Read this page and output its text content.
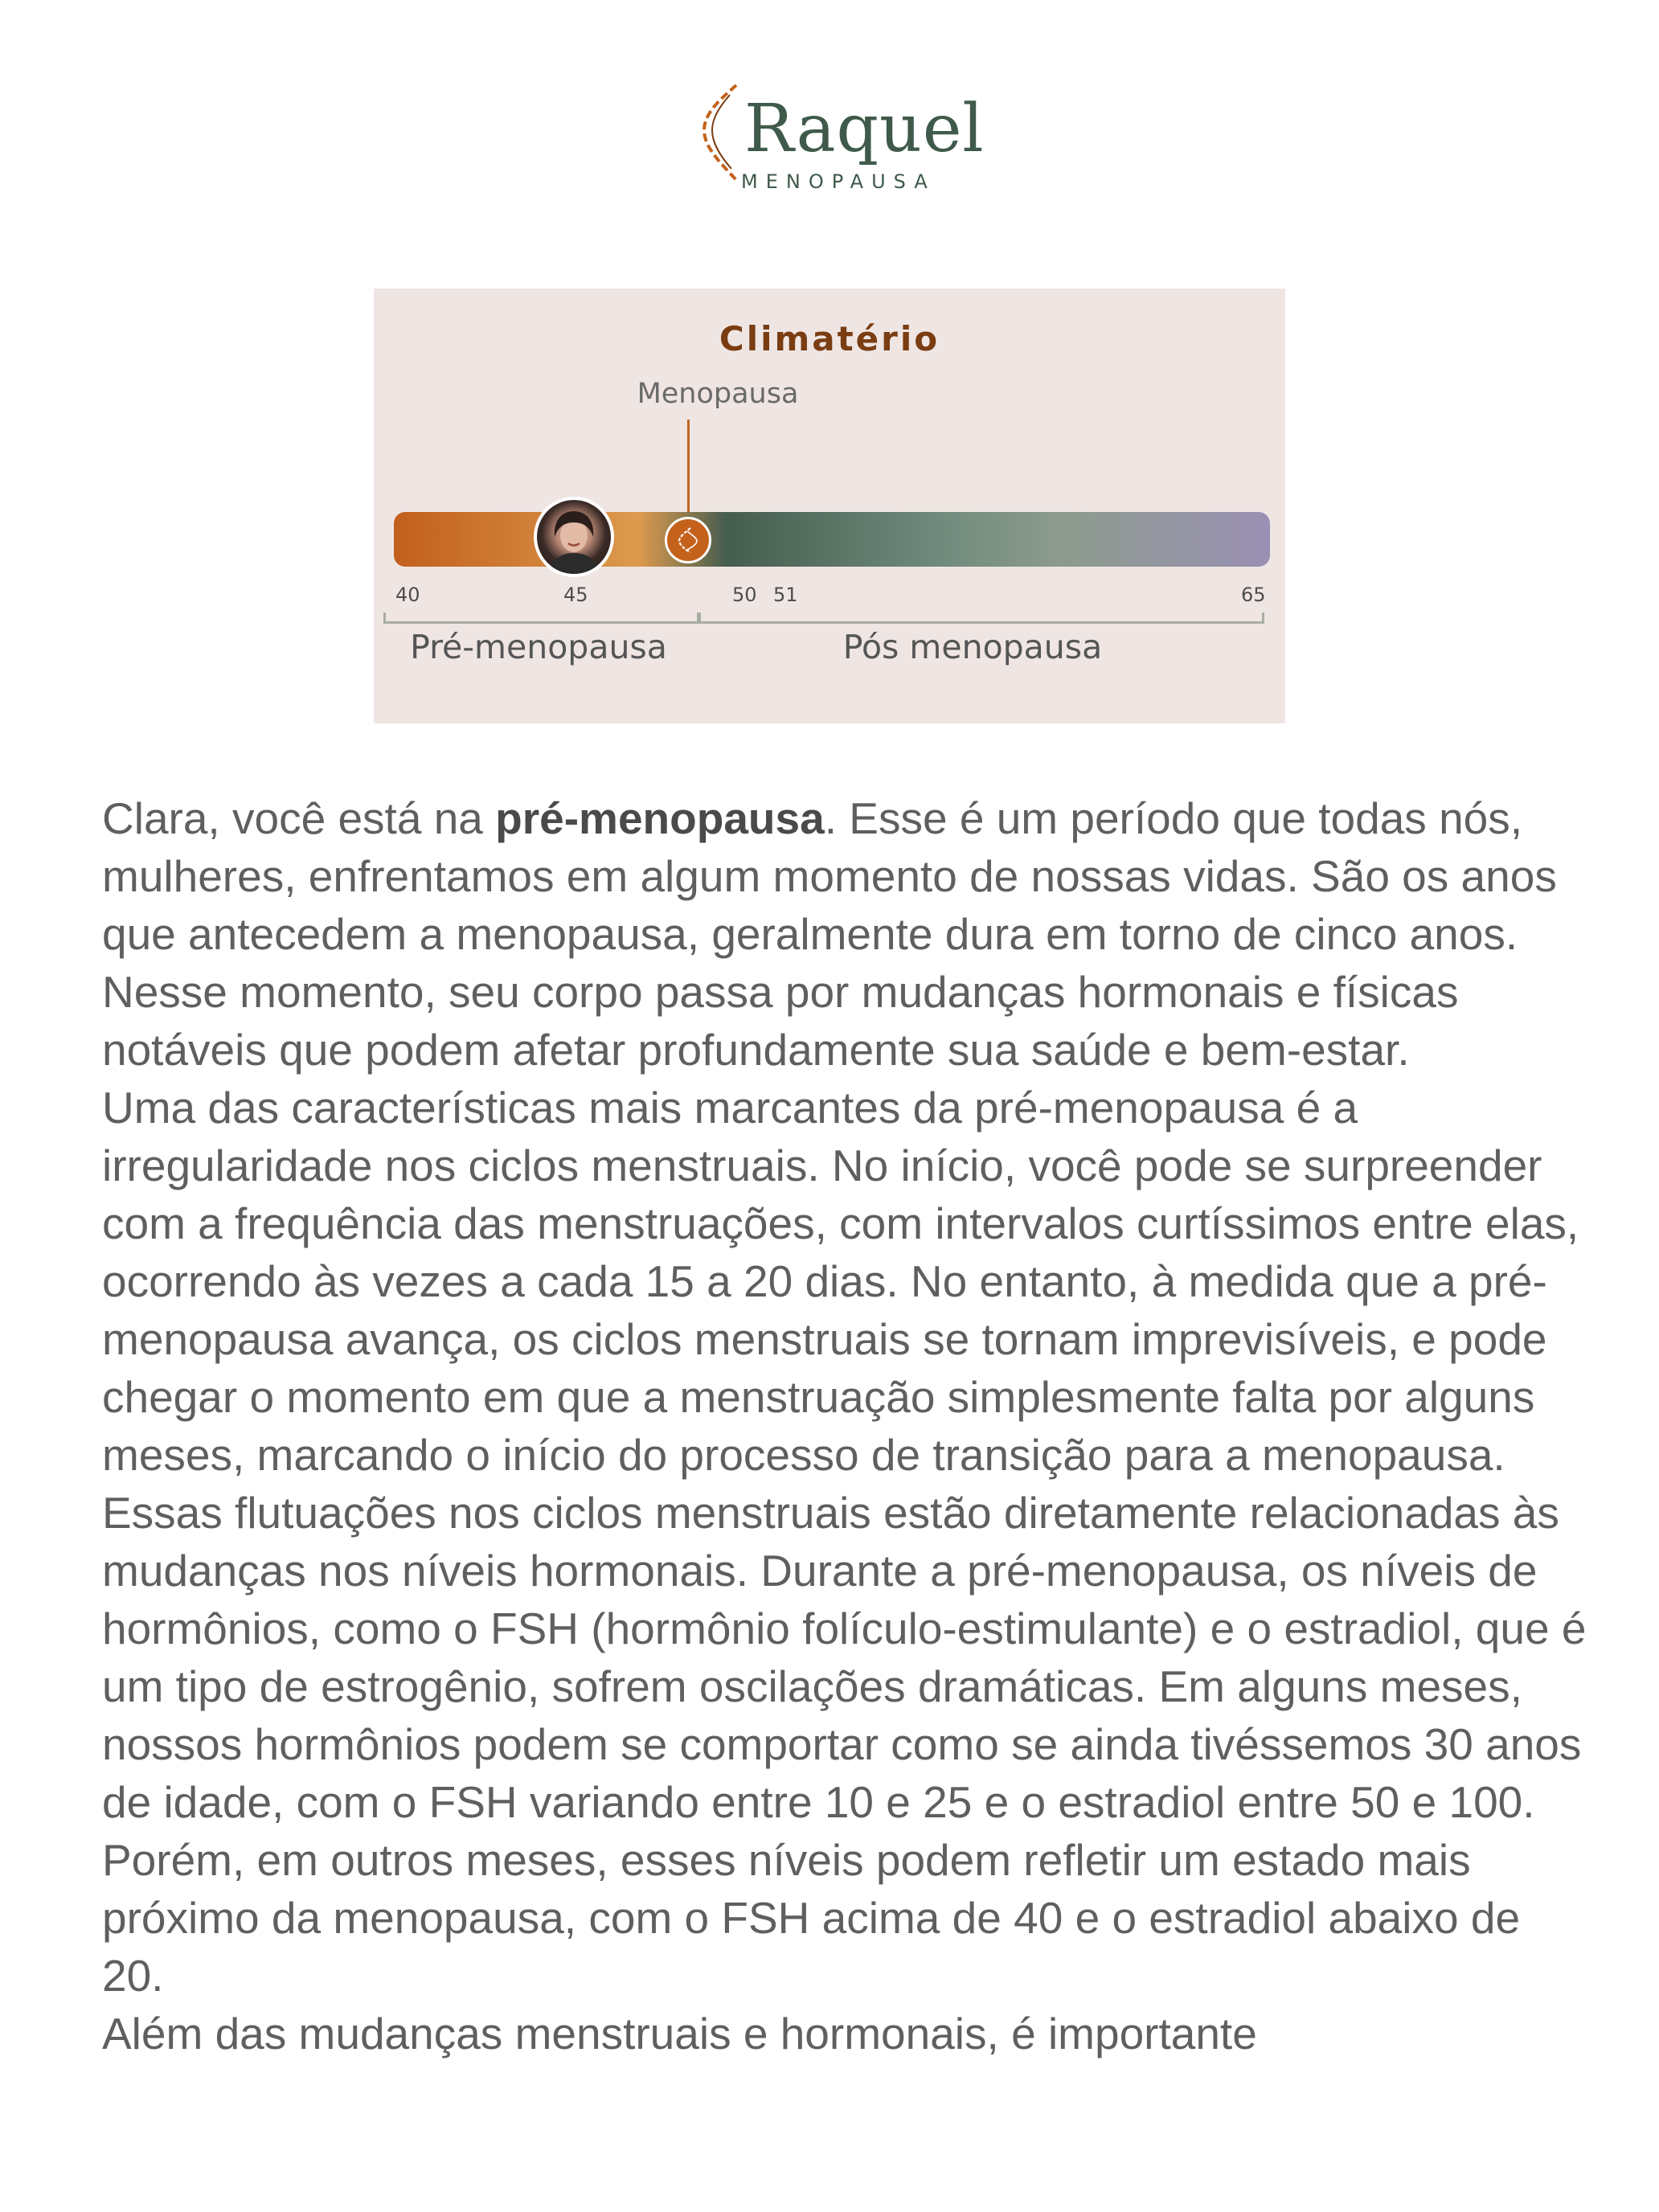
Raquel
MENOPAUSA
Climatério
Menopausa
40	45	50 51	65
Pré-menopausa	Pós menopausa

Clara, você está na pré-menopausa. Esse é um período que todas nós, mulheres, enfrentamos em algum momento de nossas vidas. São os anos que antecedem a menopausa, geralmente dura em torno de cinco anos. Nesse momento, seu corpo passa por mudanças hormonais e físicas notáveis que podem afetar profundamente sua saúde e bem-estar.

Uma das características mais marcantes da pré-menopausa é a irregularidade nos ciclos menstruais. No início, você pode se surpreender com a frequência das menstruações, com intervalos curtíssimos entre elas, ocorrendo às vezes a cada 15 a 20 dias. No entanto, à medida que a pré-menopausa avança, os ciclos menstruais se tornam imprevisíveis, e pode chegar o momento em que a menstruação simplesmente falta por alguns meses, marcando o início do processo de transição para a menopausa.

Essas flutuações nos ciclos menstruais estão diretamente relacionadas às mudanças nos níveis hormonais. Durante a pré-menopausa, os níveis de hormônios, como o FSH (hormônio folículo-estimulante) e o estradiol, que é um tipo de estrogênio, sofrem oscilações dramáticas. Em alguns meses, nossos hormônios podem se comportar como se ainda tivéssemos 30 anos de idade, com o FSH variando entre 10 e 25 e o estradiol entre 50 e 100. Porém, em outros meses, esses níveis podem refletir um estado mais próximo da menopausa, com o FSH acima de 40 e o estradiol abaixo de 20.

Além das mudanças menstruais e hormonais, é importante
